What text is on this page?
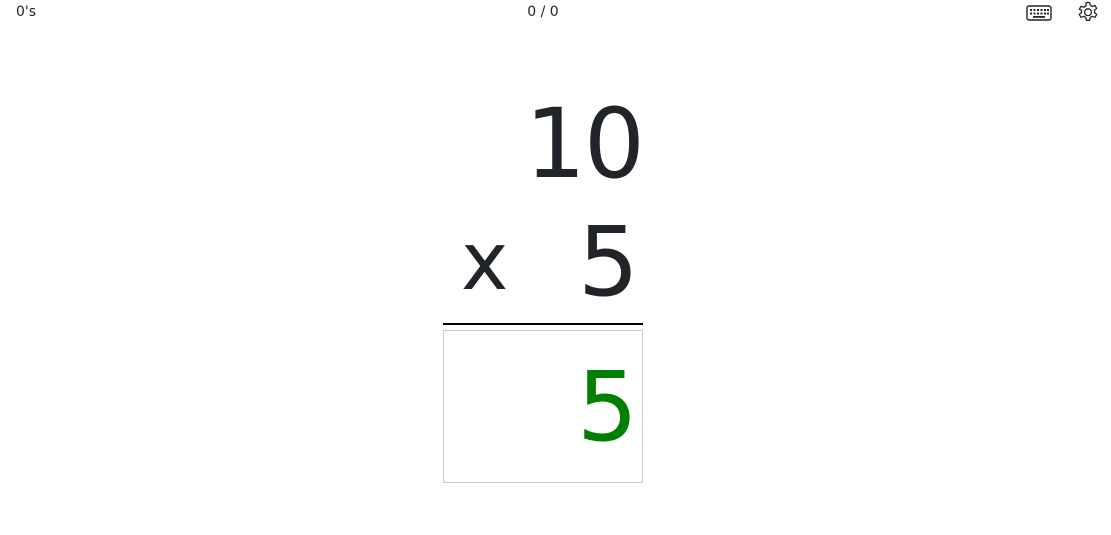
0's	0 / 0
10
x 5
5
